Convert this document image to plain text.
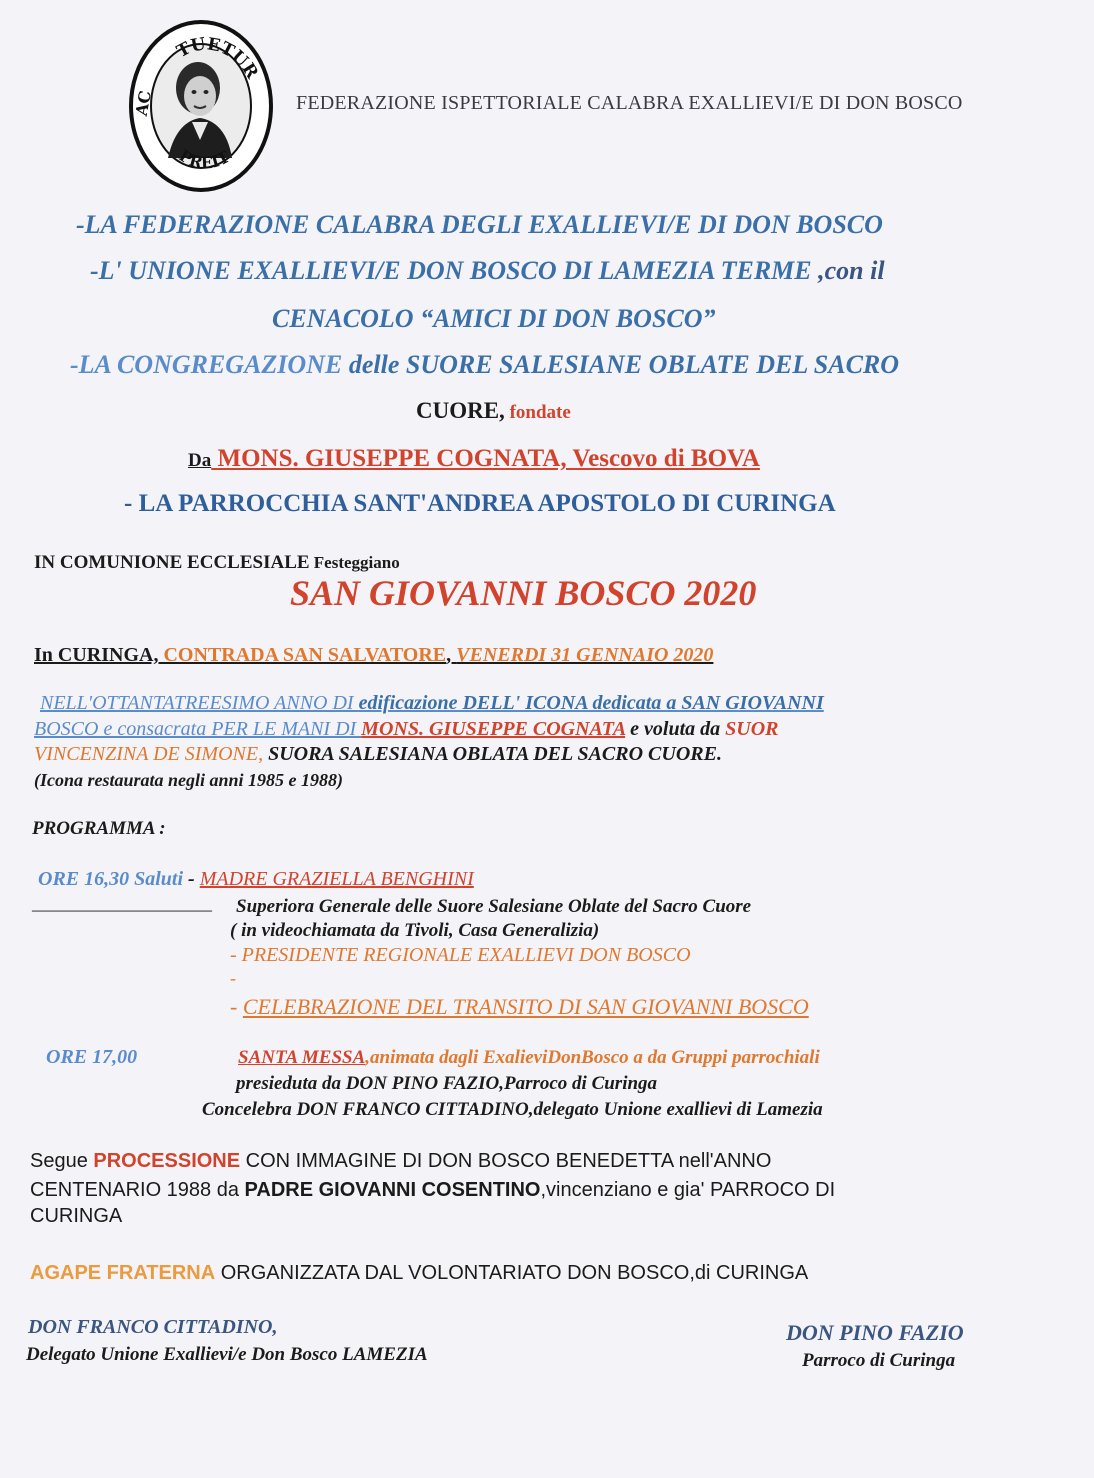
TUETUR
AC
PREIT
FEDERAZIONE ISPETTORIALE CALABRA EXALLIEVI/E DI DON BOSCO
-LA FEDERAZIONE CALABRA DEGLI EXALLIEVI/E DI DON BOSCO
-L' UNIONE EXALLIEVI/E DON BOSCO DI LAMEZIA TERME ,con il
CENACOLO “AMICI DI DON BOSCO”
-LA CONGREGAZIONE delle SUORE SALESIANE OBLATE DEL SACRO
CUORE, fondate
Da MONS. GIUSEPPE COGNATA, Vescovo di BOVA
- LA PARROCCHIA SANT'ANDREA APOSTOLO DI CURINGA
IN COMUNIONE ECCLESIALE Festeggiano
SAN GIOVANNI BOSCO 2020
In CURINGA, CONTRADA SAN SALVATORE, VENERDI 31 GENNAIO 2020
NELL'OTTANTATREESIMO ANNO DI edificazione DELL' ICONA dedicata a SAN GIOVANNI
BOSCO e consacrata PER LE MANI DI MONS. GIUSEPPE COGNATA e voluta da SUOR
VINCENZINA DE SIMONE, SUORA SALESIANA OBLATA DEL SACRO CUORE.
(Icona restaurata negli anni 1985 e 1988)
PROGRAMMA :
ORE 16,30 Saluti - MADRE GRAZIELLA BENGHINI
____________________ Superiora Generale delle Suore Salesiane Oblate del Sacro Cuore
( in videochiamata da Tivoli, Casa Generalizia)
- PRESIDENTE REGIONALE EXALLIEVI DON BOSCO
-
- CELEBRAZIONE DEL TRANSITO DI SAN GIOVANNI BOSCO
ORE 17,00	SANTA MESSA,animata dagli ExalieviDonBosco a da Gruppi parrochiali
presieduta da DON PINO FAZIO,Parroco di Curinga
Concelebra DON FRANCO CITTADINO,delegato Unione exallievi di Lamezia
Segue PROCESSIONE CON IMMAGINE DI DON BOSCO BENEDETTA nell'ANNO
CENTENARIO 1988 da PADRE GIOVANNI COSENTINO,vincenziano e gia' PARROCO DI
CURINGA
AGAPE FRATERNA ORGANIZZATA DAL VOLONTARIATO DON BOSCO,di CURINGA
DON FRANCO CITTADINO,
Delegato Unione Exallievi/e Don Bosco LAMEZIA
DON PINO FAZIO
Parroco di Curinga
